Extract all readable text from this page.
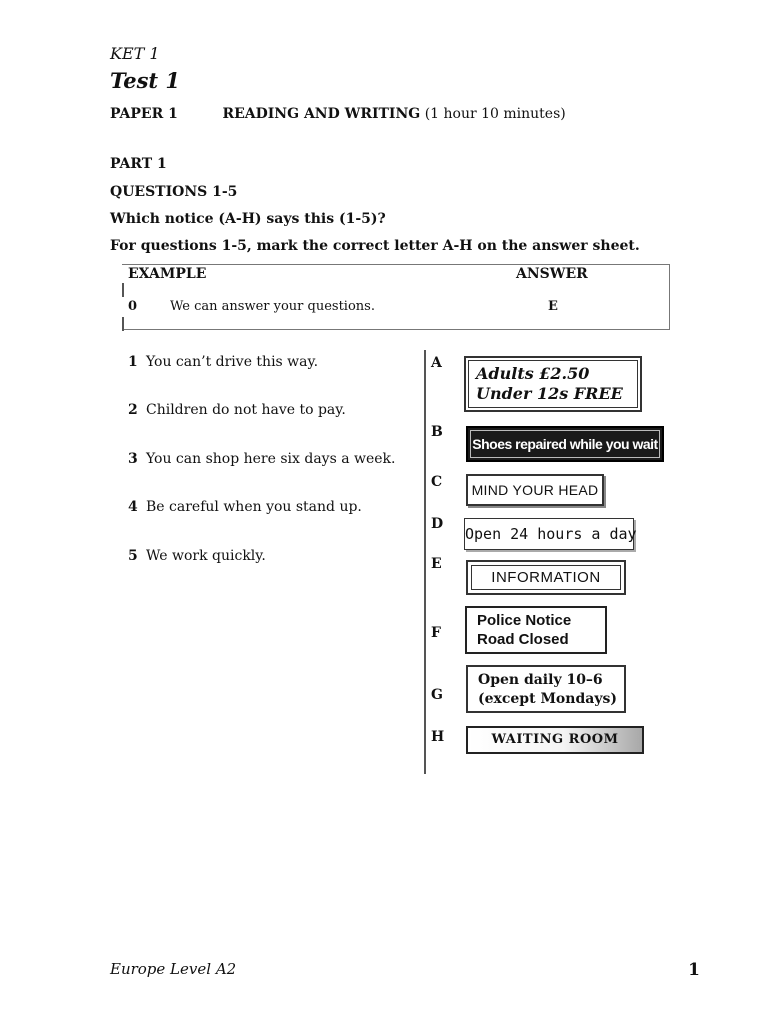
KET 1
Test 1
PAPER 1	READING AND WRITING (1 hour 10 minutes)
PART 1
QUESTIONS 1-5
Which notice (A-H) says this (1-5)?
For questions 1-5, mark the correct letter A-H on the answer sheet.
EXAMPLE	ANSWER
0	We can answer your questions.	E
1 You can’t drive this way.
2 Children do not have to pay.
3 You can shop here six days a week.
4 Be careful when you stand up.
5 We work quickly.
A
B
C
D
E
F
G
H
Adults £2.50
Under 12s FREE
Shoes repaired while you wait
MIND YOUR HEAD
Open 24 hours a day
INFORMATION
Police Notice
Road Closed
Open daily 10–6
(except Mondays)
WAITING ROOM
Europe Level A2	1
